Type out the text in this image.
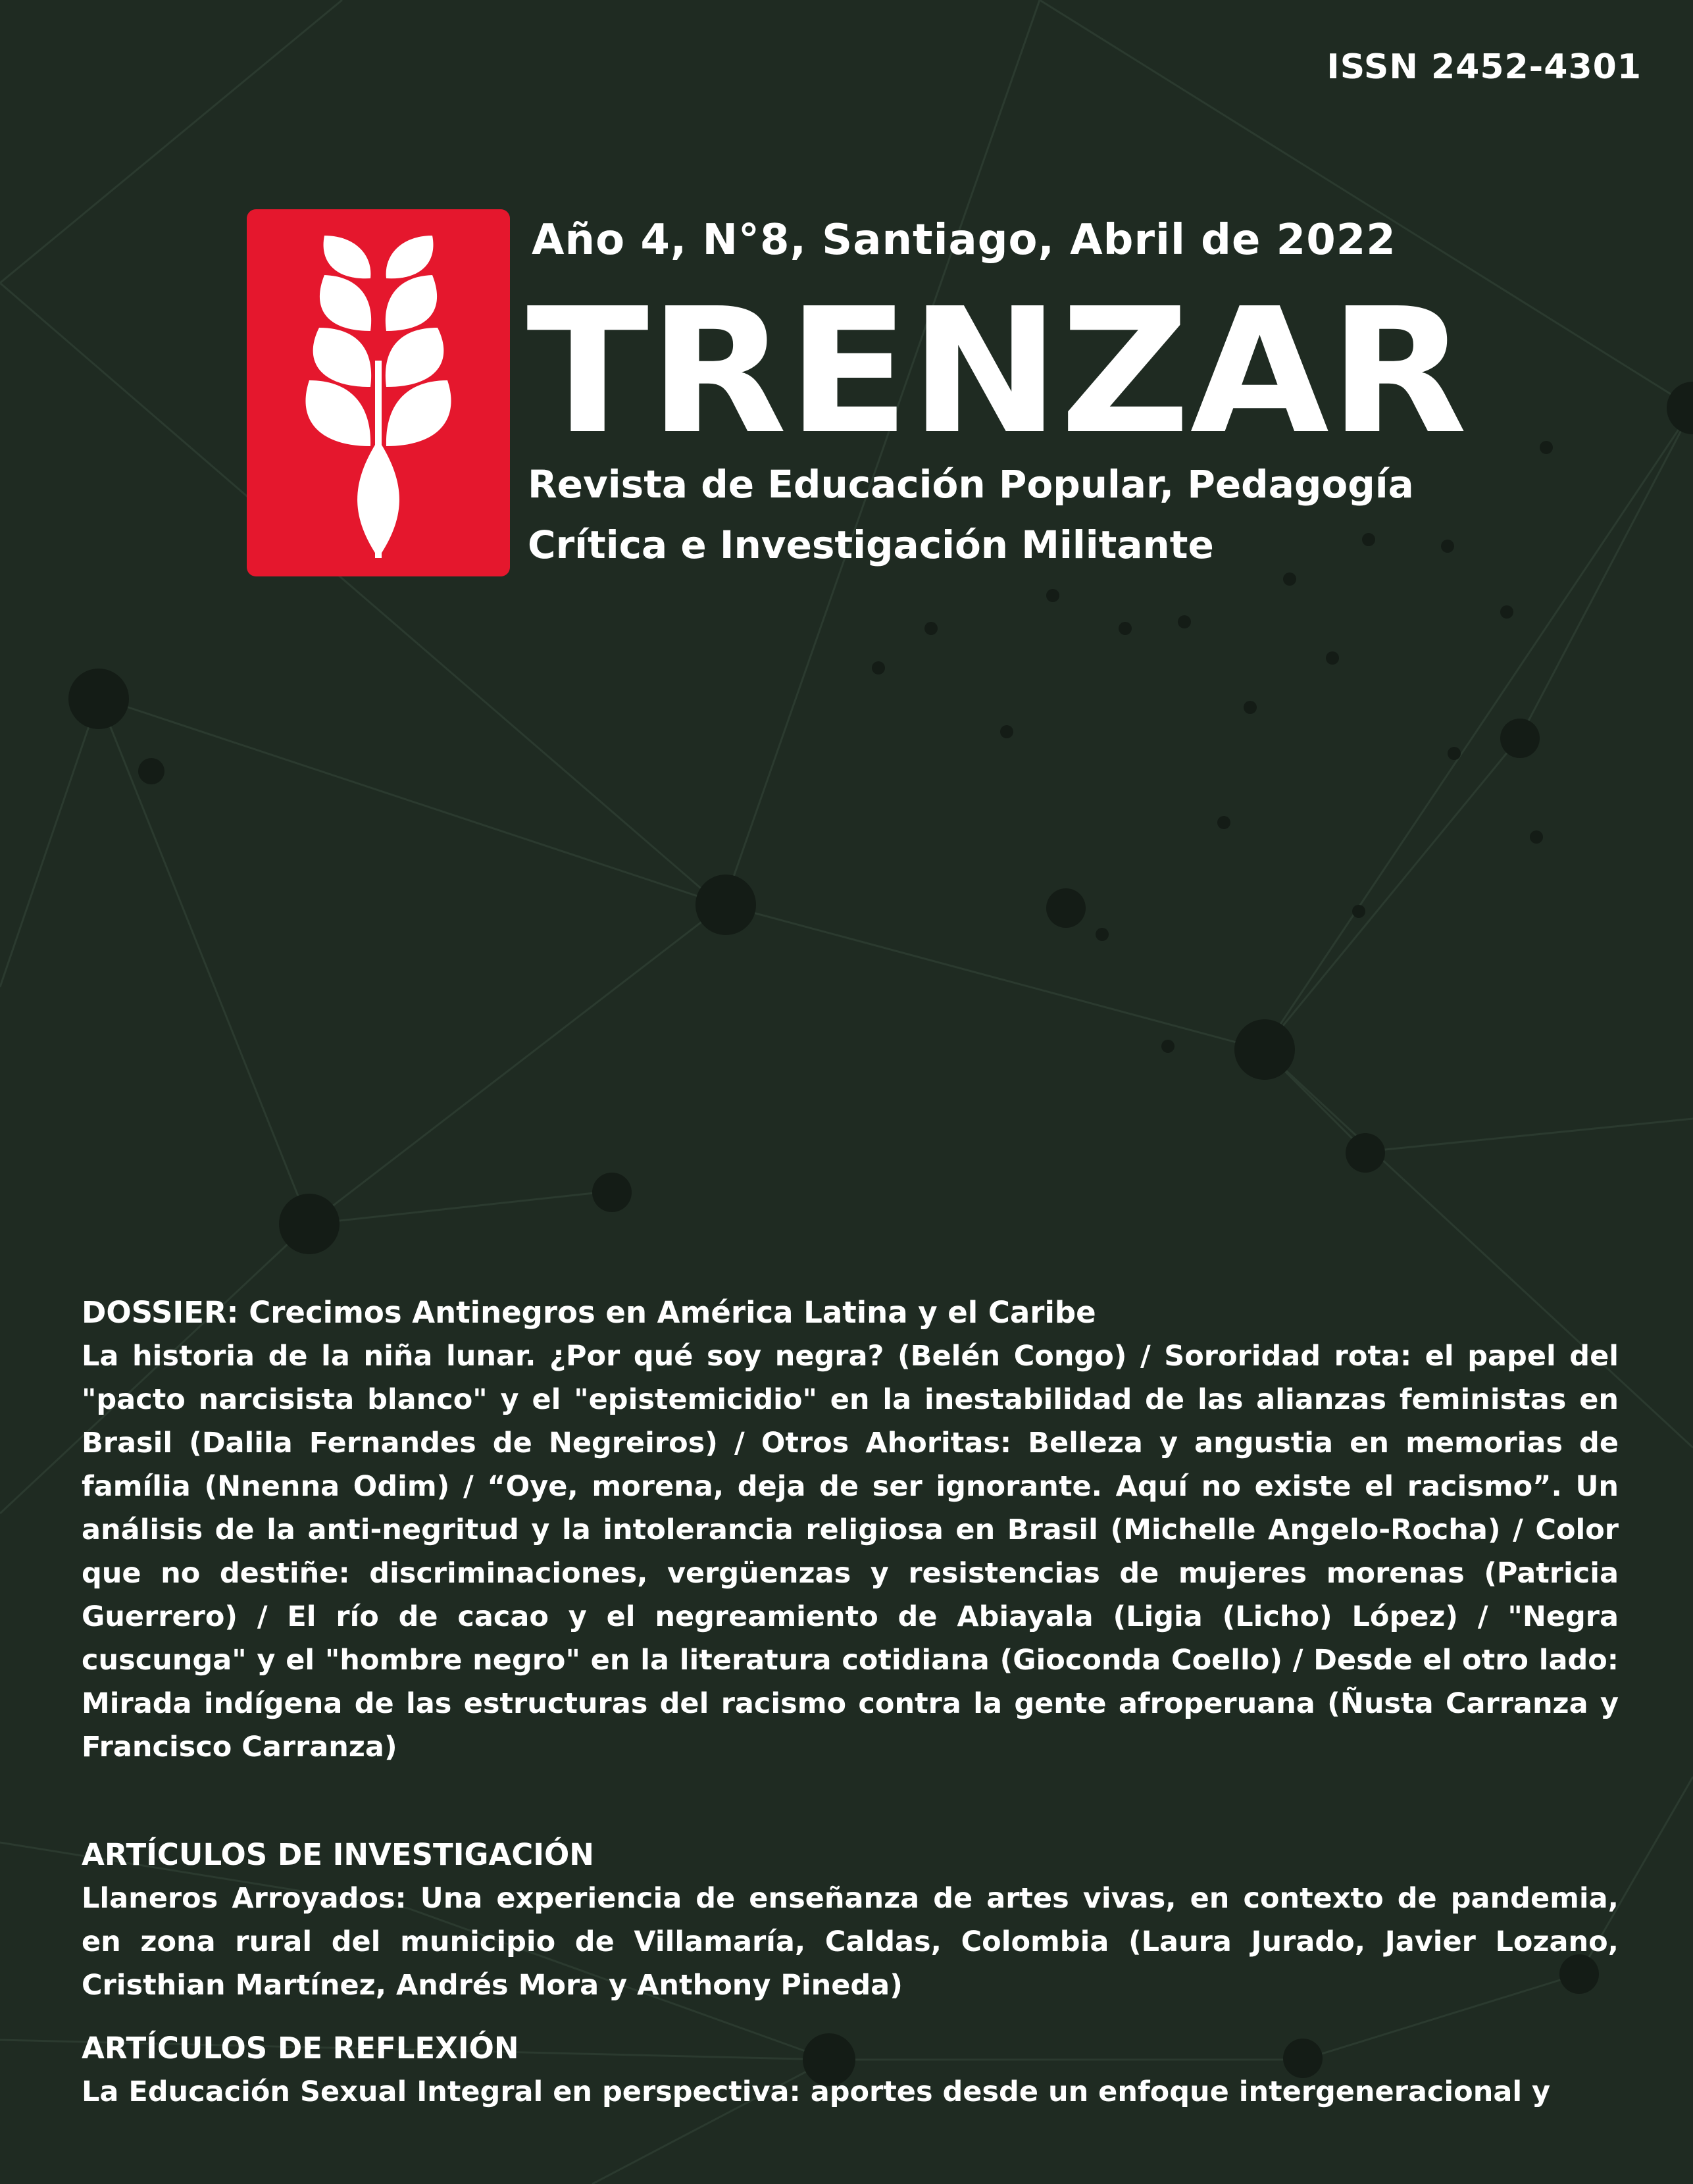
ISSN 2452-4301
Año 4, N°8, Santiago, Abril de 2022
TRENZAR
Revista de Educación Popular, Pedagogía
Crítica e Investigación Militante
DOSSIER: Crecimos Antinegros en América Latina y el Caribe
La historia de la niña lunar. ¿Por qué soy negra? (Belén Congo) / Sororidad rota: el papel del "pacto narcisista blanco" y el "epistemicidio" en la inestabilidad de las alianzas feministas en Brasil (Dalila Fernandes de Negreiros) / Otros Ahoritas: Belleza y angustia en memorias de família (Nnenna Odim) / “Oye, morena, deja de ser ignorante. Aquí no existe el racismo”. Un análisis de la anti-negritud y la intolerancia religiosa en Brasil (Michelle Angelo-Rocha) / Color que no destiñe: discriminaciones, vergüenzas y resistencias de mujeres morenas (Patricia Guerrero) / El río de cacao y el negreamiento de Abiayala (Ligia (Licho) López) / "Negra cuscunga" y el "hombre negro" en la literatura cotidiana (Gioconda Coello) / Desde el otro lado: Mirada indígena de las estructuras del racismo contra la gente afroperuana (Ñusta Carranza y Francisco Carranza)
ARTÍCULOS DE INVESTIGACIÓN
Llaneros Arroyados: Una experiencia de enseñanza de artes vivas, en contexto de pandemia, en zona rural del municipio de Villamaría, Caldas, Colombia (Laura Jurado, Javier Lozano, Cristhian Martínez, Andrés Mora y Anthony Pineda)
ARTÍCULOS DE REFLEXIÓN
La Educación Sexual Integral en perspectiva: aportes desde un enfoque intergeneracional y
